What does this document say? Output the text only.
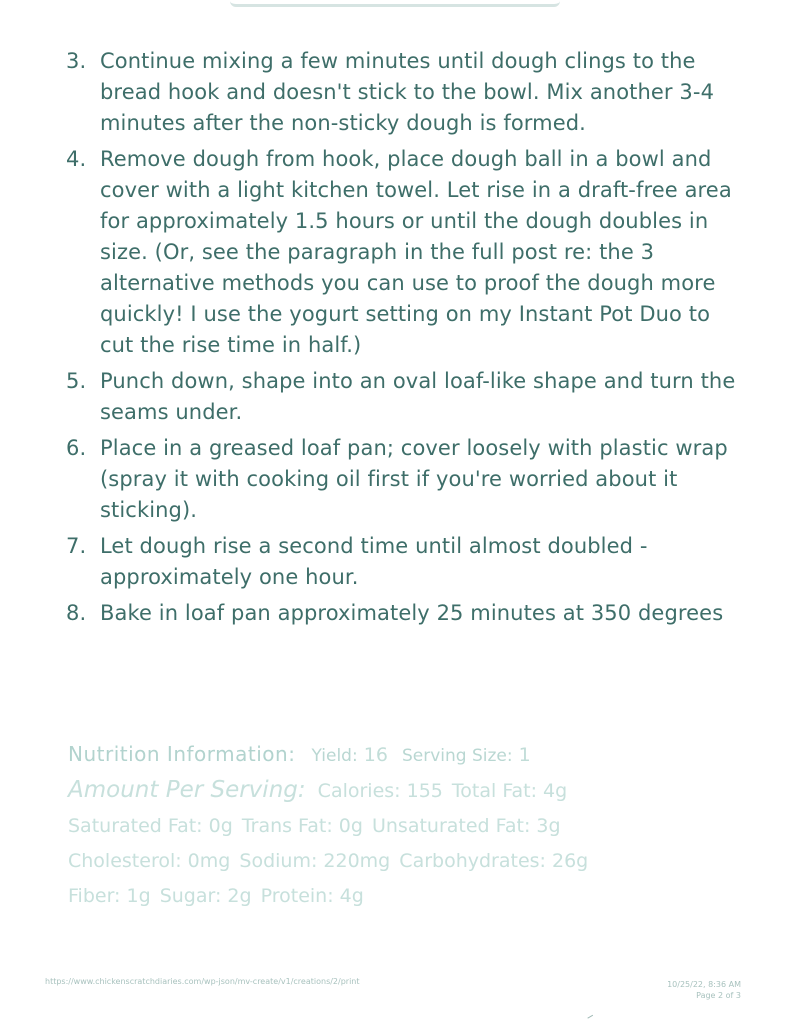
3. Continue mixing a few minutes until dough clings to the bread hook and doesn't stick to the bowl. Mix another 3-4 minutes after the non-sticky dough is formed.
4. Remove dough from hook, place dough ball in a bowl and cover with a light kitchen towel. Let rise in a draft-free area for approximately 1.5 hours or until the dough doubles in size. (Or, see the paragraph in the full post re: the 3 alternative methods you can use to proof the dough more quickly! I use the yogurt setting on my Instant Pot Duo to cut the rise time in half.)
5. Punch down, shape into an oval loaf-like shape and turn the seams under.
6. Place in a greased loaf pan; cover loosely with plastic wrap (spray it with cooking oil first if you're worried about it sticking).
7. Let dough rise a second time until almost doubled - approximately one hour.
8. Bake in loaf pan approximately 25 minutes at 350 degrees
Nutrition Information: Yield: 16 Serving Size: 1
Amount Per Serving: Calories: 155 Total Fat: 4g
Saturated Fat: 0g Trans Fat: 0g Unsaturated Fat: 3g
Cholesterol: 0mg Sodium: 220mg Carbohydrates: 26g
Fiber: 1g Sugar: 2g Protein: 4g
https://www.chickenscratchdiaries.com/wp-json/mv-create/v1/creations/2/print	10/25/22, 8:36 AM
Page 2 of 3
